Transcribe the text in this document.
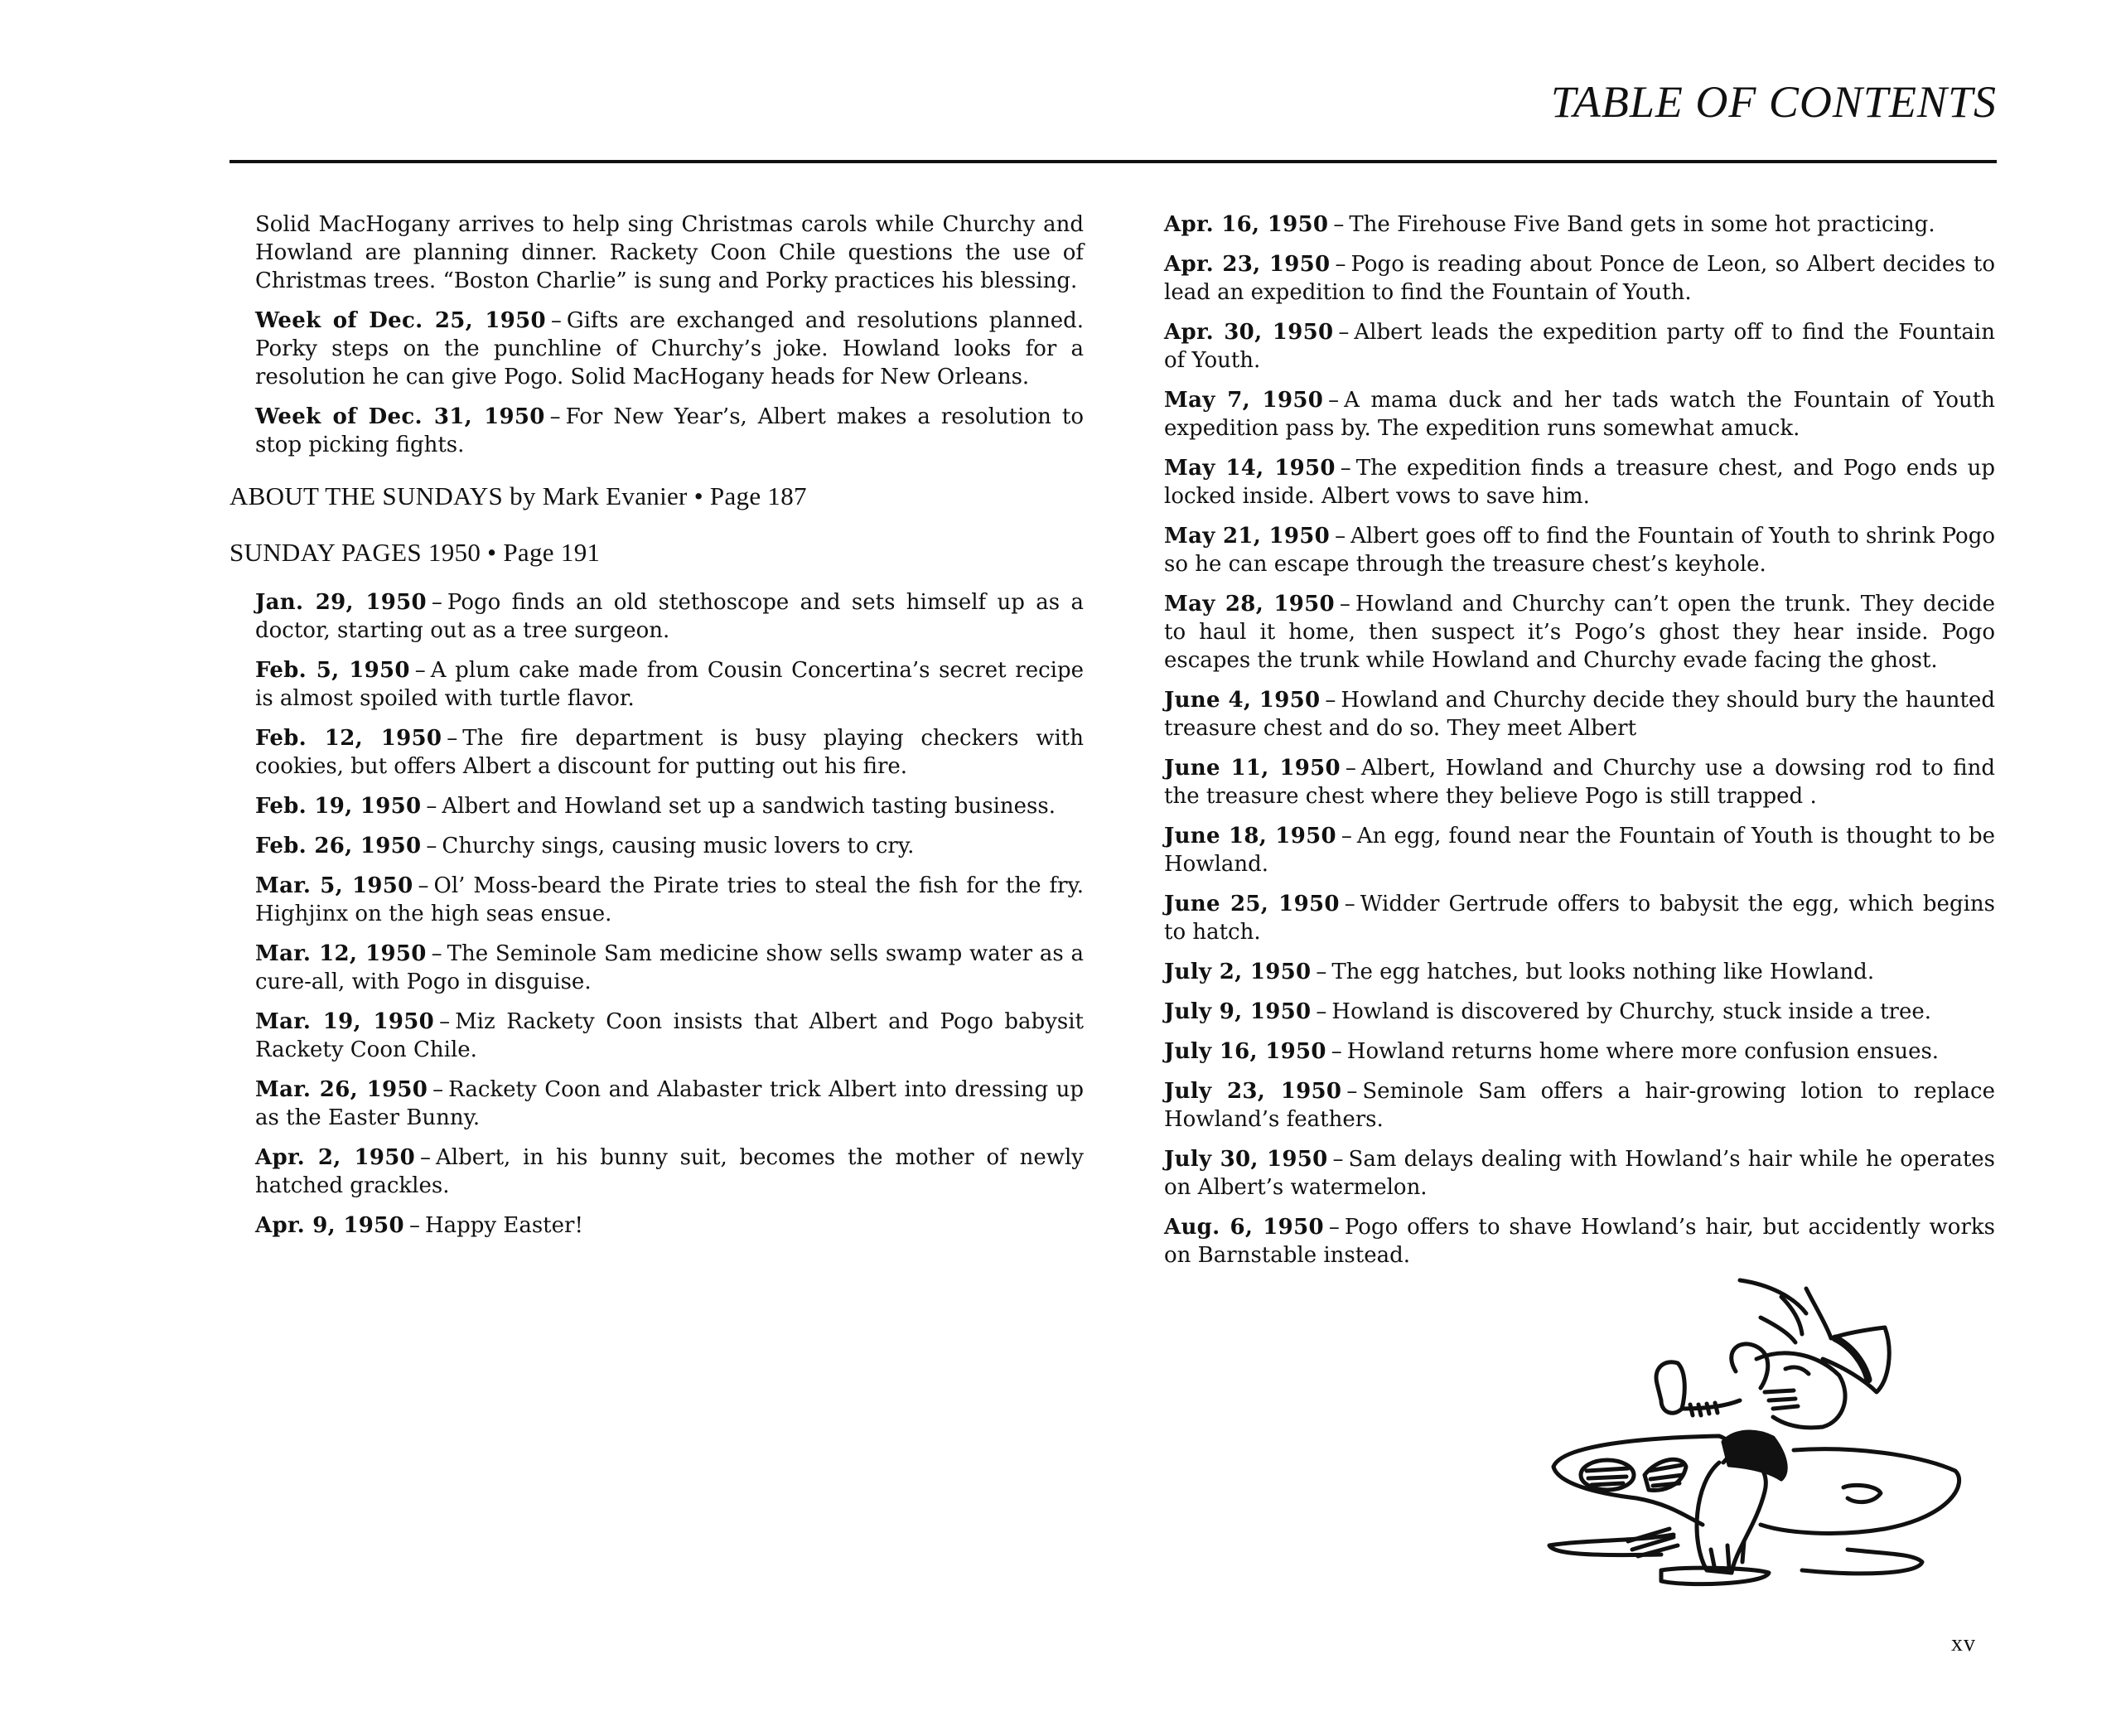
TABLE OF CONTENTS

Solid MacHogany arrives to help sing Christmas carols while Churchy and Howland are planning dinner. Rackety Coon Chile questions the use of Christmas trees. “Boston Charlie” is sung and Porky practices his blessing.

Week of Dec. 25, 1950 – Gifts are exchanged and resolutions planned. Porky steps on the punchline of Churchy’s joke. Howland looks for a resolution he can give Pogo. Solid MacHogany heads for New Orleans.

Week of Dec. 31, 1950 – For New Year’s, Albert makes a resolution to stop picking fights.

ABOUT THE SUNDAYS by Mark Evanier • Page 187
SUNDAY PAGES 1950 • Page 191

Jan. 29, 1950 – Pogo finds an old stethoscope and sets himself up as a doctor, starting out as a tree surgeon.

Feb. 5, 1950 – A plum cake made from Cousin Concertina’s secret recipe is almost spoiled with turtle flavor.

Feb. 12, 1950 – The fire department is busy playing checkers with cookies, but offers Albert a discount for putting out his fire.

Feb. 19, 1950 – Albert and Howland set up a sandwich tasting business.

Feb. 26, 1950 – Churchy sings, causing music lovers to cry.

Mar. 5, 1950 – Ol’ Moss-beard the Pirate tries to steal the fish for the fry. Highjinx on the high seas ensue.

Mar. 12, 1950 – The Seminole Sam medicine show sells swamp water as a cure-all, with Pogo in disguise.

Mar. 19, 1950 – Miz Rackety Coon insists that Albert and Pogo babysit Rackety Coon Chile.

Mar. 26, 1950 – Rackety Coon and Alabaster trick Albert into dressing up as the Easter Bunny.

Apr. 2, 1950 – Albert, in his bunny suit, becomes the mother of newly hatched grackles.

Apr. 9, 1950 – Happy Easter!

Apr. 16, 1950 – The Firehouse Five Band gets in some hot practicing.

Apr. 23, 1950 – Pogo is reading about Ponce de Leon, so Albert decides to lead an expedition to find the Fountain of Youth.

Apr. 30, 1950 – Albert leads the expedition party off to find the Fountain of Youth.

May 7, 1950 – A mama duck and her tads watch the Fountain of Youth expedition pass by. The expedition runs somewhat amuck.

May 14, 1950 – The expedition finds a treasure chest, and Pogo ends up locked inside. Albert vows to save him.

May 21, 1950 – Albert goes off to find the Fountain of Youth to shrink Pogo so he can escape through the treasure chest’s keyhole.

May 28, 1950 – Howland and Churchy can’t open the trunk. They decide to haul it home, then suspect it’s Pogo’s ghost they hear inside. Pogo escapes the trunk while Howland and Churchy evade facing the ghost.

June 4, 1950 – Howland and Churchy decide they should bury the haunted treasure chest and do so. They meet Albert

June 11, 1950 – Albert, Howland and Churchy use a dowsing rod to find the treasure chest where they believe Pogo is still trapped .

June 18, 1950 – An egg, found near the Fountain of Youth is thought to be Howland.

June 25, 1950 – Widder Gertrude offers to babysit the egg, which begins to hatch.

July 2, 1950 – The egg hatches, but looks nothing like Howland.

July 9, 1950 – Howland is discovered by Churchy, stuck inside a tree.

July 16, 1950 – Howland returns home where more confusion ensues.

July 23, 1950 – Seminole Sam offers a hair-growing lotion to replace Howland’s feathers.

July 30, 1950 – Sam delays dealing with Howland’s hair while he operates on Albert’s watermelon.

Aug. 6, 1950 – Pogo offers to shave Howland’s hair, but accidently works on Barnstable instead.

xv
